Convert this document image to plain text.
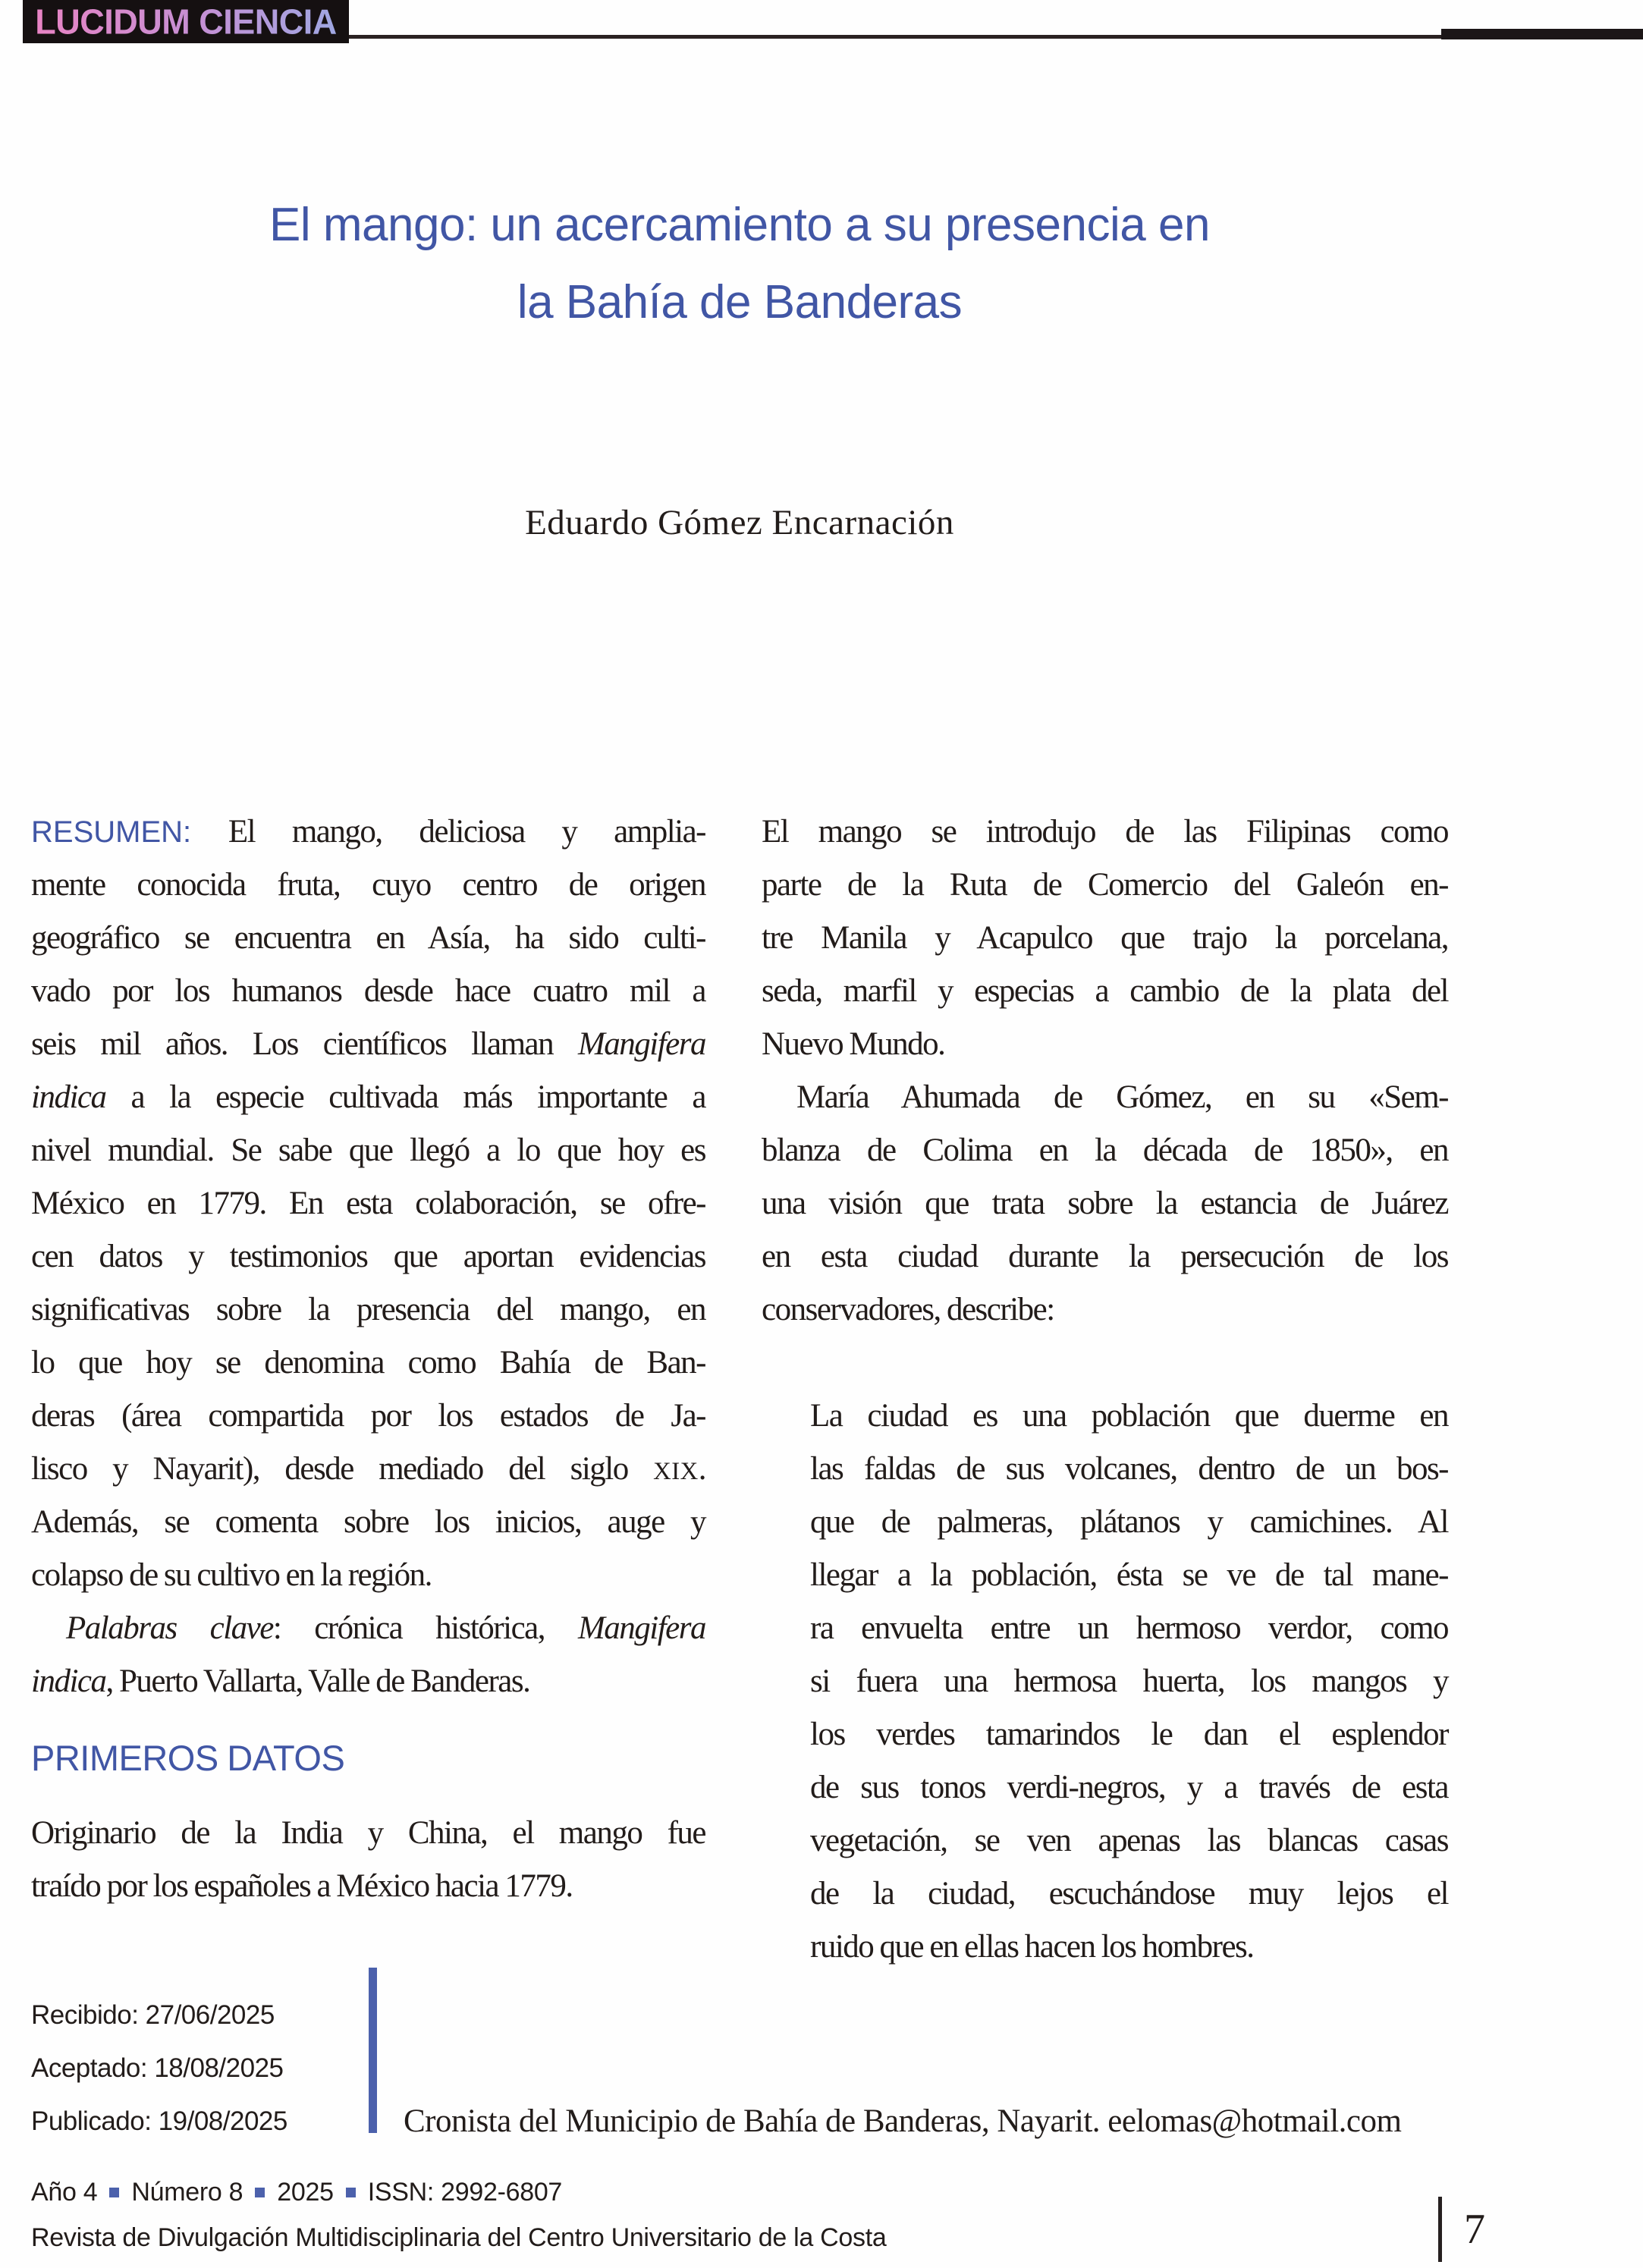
LUCIDUM CIENCIA
El mango: un acercamiento a su presencia en
la Bahía de Banderas
Eduardo Gómez Encarnación
RESUMEN: El mango, deliciosa y amplia-
mente conocida fruta, cuyo centro de origen
geográfico se encuentra en Asía, ha sido culti-
vado por los humanos desde hace cuatro mil a
seis mil años. Los científicos llaman Mangifera
indica a la especie cultivada más importante a
nivel mundial. Se sabe que llegó a lo que hoy es
México en 1779. En esta colaboración, se ofre-
cen datos y testimonios que aportan evidencias
significativas sobre la presencia del mango, en
lo que hoy se denomina como Bahía de Ban-
deras (área compartida por los estados de Ja-
lisco y Nayarit), desde mediado del siglo XIX.
Además, se comenta sobre los inicios, auge y
colapso de su cultivo en la región.
Palabras clave: crónica histórica, Mangifera
indica, Puerto Vallarta, Valle de Banderas.
PRIMEROS DATOS
Originario de la India y China, el mango fue
traído por los españoles a México hacia 1779.
El mango se introdujo de las Filipinas como
parte de la Ruta de Comercio del Galeón en-
tre Manila y Acapulco que trajo la porcelana,
seda, marfil y especias a cambio de la plata del
Nuevo Mundo.
María Ahumada de Gómez, en su «Sem-
blanza de Colima en la década de 1850», en
una visión que trata sobre la estancia de Juárez
en esta ciudad durante la persecución de los
conservadores, describe:
La ciudad es una población que duerme en
las faldas de sus volcanes, dentro de un bos-
que de palmeras, plátanos y camichines. Al
llegar a la población, ésta se ve de tal mane-
ra envuelta entre un hermoso verdor, como
si fuera una hermosa huerta, los mangos y
los verdes tamarindos le dan el esplendor
de sus tonos verdi-negros, y a través de esta
vegetación, se ven apenas las blancas casas
de la ciudad, escuchándose muy lejos el
ruido que en ellas hacen los hombres.
Recibido: 27/06/2025
Aceptado: 18/08/2025
Publicado: 19/08/2025	Cronista del Municipio de Bahía de Banderas, Nayarit. eelomas@hotmail.com
Año 4 Número 8 2025 ISSN: 2992-6807
Revista de Divulgación Multidisciplinaria del Centro Universitario de la Costa	7
